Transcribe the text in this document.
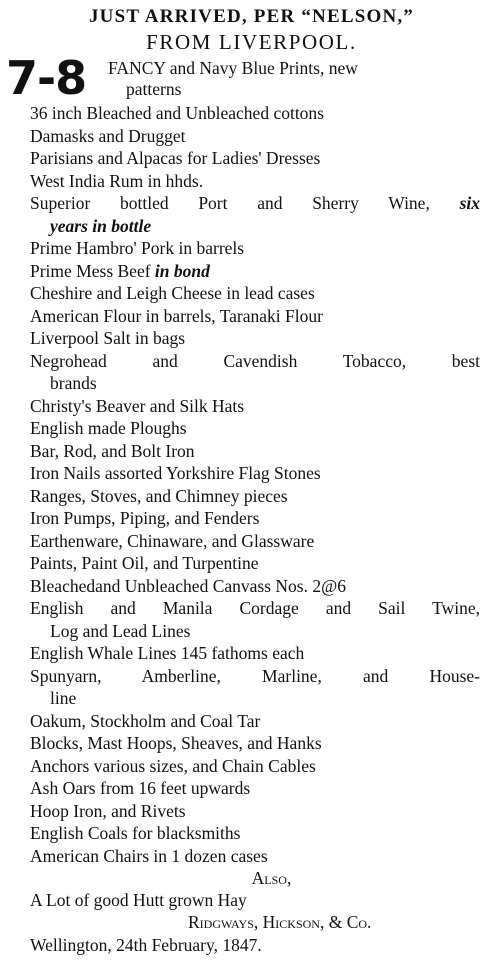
JUST ARRIVED, PER “NELSON,”
FROM LIVERPOOL.
7-8 FANCY and Navy Blue Prints, new
patterns
36 inch Bleached and Unbleached cottons
Damasks and Drugget
Parisians and Alpacas for Ladies' Dresses
West India Rum in hhds.
Superior bottled Port and Sherry Wine, six
years in bottle
Prime Hambro' Pork in barrels
Prime Mess Beef in bond
Cheshire and Leigh Cheese in lead cases
American Flour in barrels, Taranaki Flour
Liverpool Salt in bags
Negrohead and Cavendish Tobacco, best
brands
Christy's Beaver and Silk Hats
English made Ploughs
Bar, Rod, and Bolt Iron
Iron Nails assorted Yorkshire Flag Stones
Ranges, Stoves, and Chimney pieces
Iron Pumps, Piping, and Fenders
Earthenware, Chinaware, and Glassware
Paints, Paint Oil, and Turpentine
Bleachedand Unbleached Canvass Nos. 2@6
English and Manila Cordage and Sail Twine,
Log and Lead Lines
English Whale Lines 145 fathoms each
Spunyarn, Amberline, Marline, and House-
line
Oakum, Stockholm and Coal Tar
Blocks, Mast Hoops, Sheaves, and Hanks
Anchors various sizes, and Chain Cables
Ash Oars from 16 feet upwards
Hoop Iron, and Rivets
English Coals for blacksmiths
American Chairs in 1 dozen cases
Also,
A Lot of good Hutt grown Hay
Ridgways, Hickson, & Co.
Wellington, 24th February, 1847.
